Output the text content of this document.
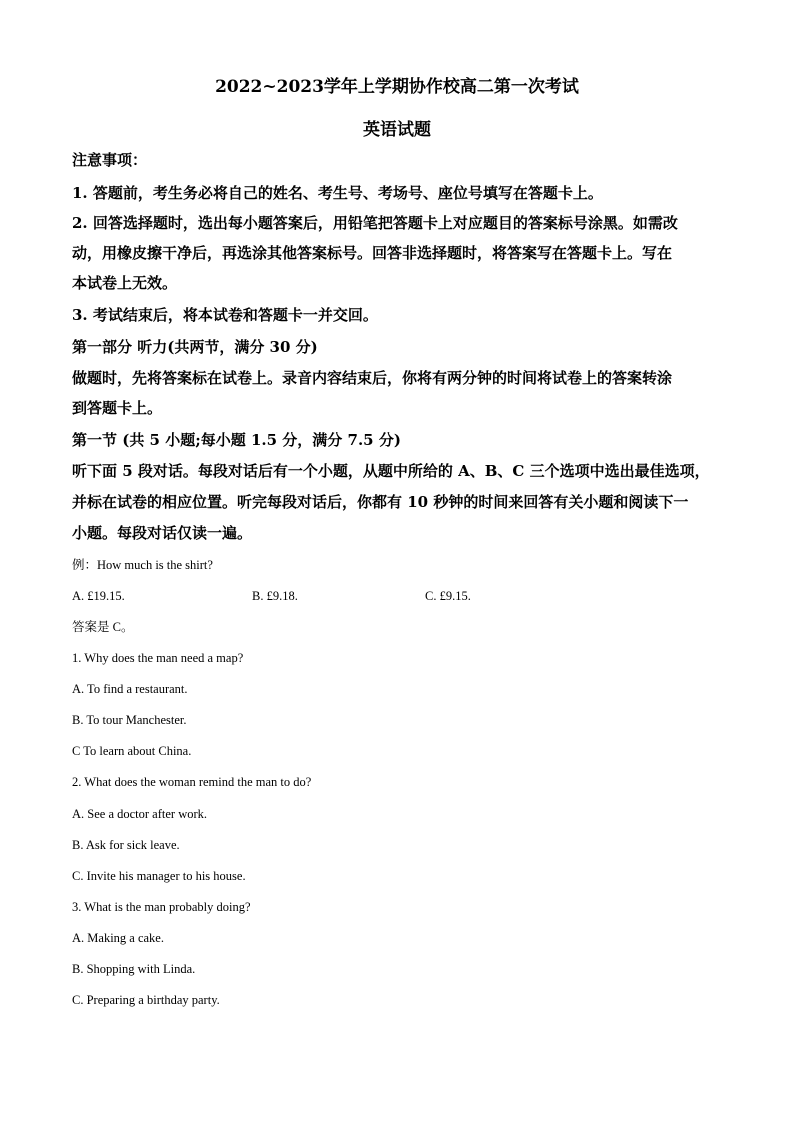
2022~2023学年上学期协作校高二第一次考试
英语试题
注意事项：
1. 答题前，考生务必将自己的姓名、考生号、考场号、座位号填写在答题卡上。
2. 回答选择题时，选出每小题答案后，用铅笔把答题卡上对应题目的答案标号涂黑。如需改
动，用橡皮擦干净后，再选涂其他答案标号。回答非选择题时，将答案写在答题卡上。写在
本试卷上无效。
3. 考试结束后，将本试卷和答题卡一并交回。
第一部分 听力(共两节，满分 30 分)
做题时，先将答案标在试卷上。录音内容结束后，你将有两分钟的时间将试卷上的答案转涂
到答题卡上。
第一节 (共 5 小题;每小题 1.5 分，满分 7.5 分)
听下面 5 段对话。每段对话后有一个小题，从题中所给的 A、B、C 三个选项中选出最佳选项，
并标在试卷的相应位置。听完每段对话后，你都有 10 秒钟的时间来回答有关小题和阅读下一
小题。每段对话仅读一遍。
例：How much is the shirt?
A. £19.15.	B. £9.18.	C. £9.15.
答案是 C。
1. Why does the man need a map?
A. To find a restaurant.
B. To tour Manchester.
C To learn about China.
2. What does the woman remind the man to do?
A. See a doctor after work.
B. Ask for sick leave.
C. Invite his manager to his house.
3. What is the man probably doing?
A. Making a cake.
B. Shopping with Linda.
C. Preparing a birthday party.
